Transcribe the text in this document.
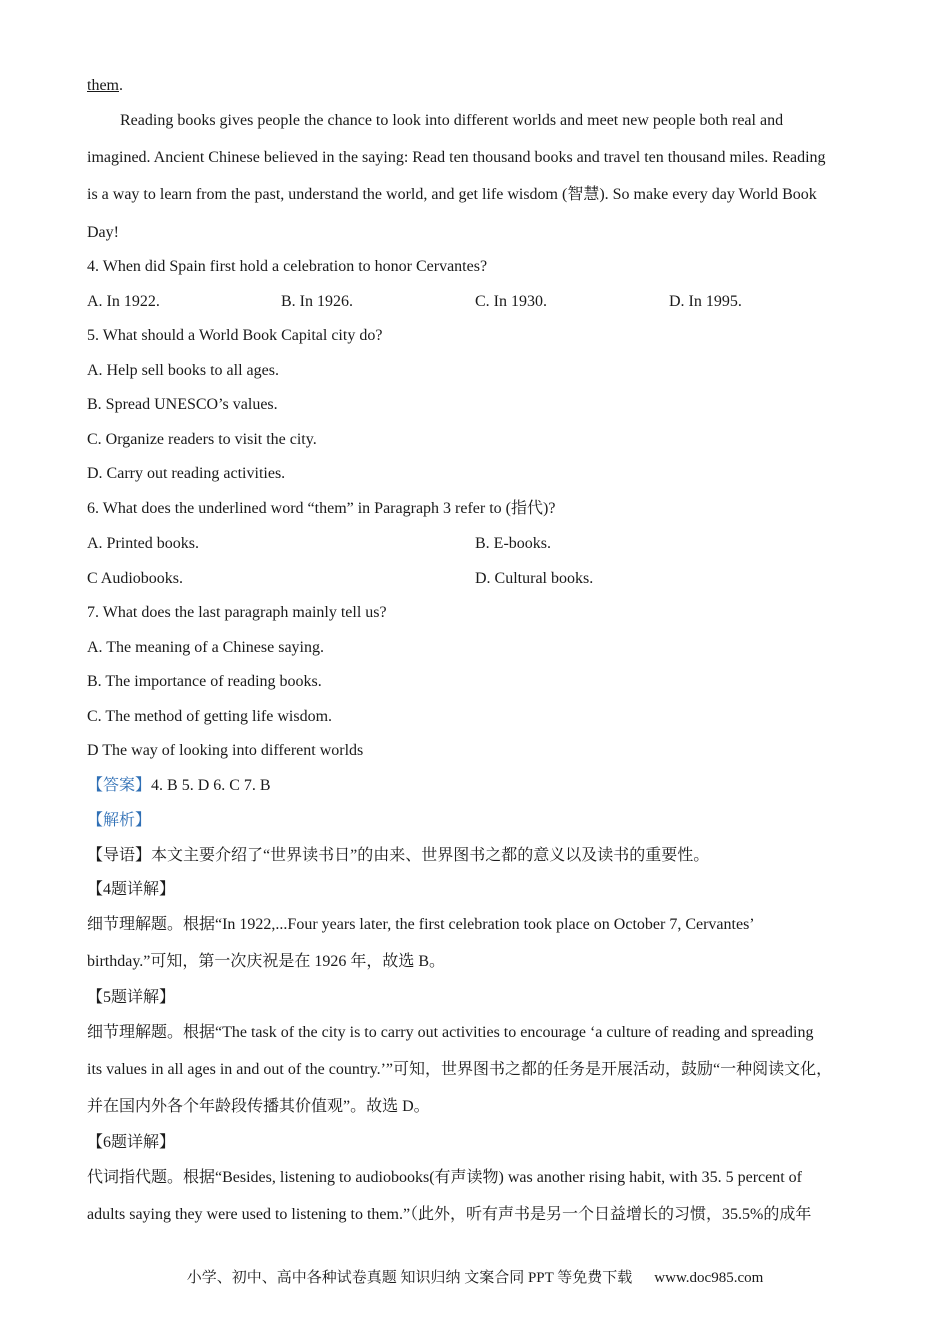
them.
Reading books gives people the chance to look into different worlds and meet new people both real and
imagined. Ancient Chinese believed in the saying: Read ten thousand books and travel ten thousand miles. Reading
is a way to learn from the past, understand the world, and get life wisdom (智慧). So make every day World Book
Day!
4. When did Spain first hold a celebration to honor Cervantes?
A. In 1922.	B. In 1926.	C. In 1930.	D. In 1995.
5. What should a World Book Capital city do?
A. Help sell books to all ages.
B. Spread UNESCO’s values.
C. Organize readers to visit the city.
D. Carry out reading activities.
6. What does the underlined word “them” in Paragraph 3 refer to (指代)?
A. Printed books.	B. E-books.
C Audiobooks.	D. Cultural books.
7. What does the last paragraph mainly tell us?
A. The meaning of a Chinese saying.
B. The importance of reading books.
C. The method of getting life wisdom.
D The way of looking into different worlds
【答案】4. B 5. D 6. C 7. B
【解析】
【导语】本文主要介绍了“世界读书日”的由来、世界图书之都的意义以及读书的重要性。
【4题详解】
细节理解题。根据“In 1922,...Four years later, the first celebration took place on October 7, Cervantes’
birthday.”可知，第一次庆祝是在 1926 年，故选 B。
【5题详解】
细节理解题。根据“The task of the city is to carry out activities to encourage ‘a culture of reading and spreading
its values in all ages in and out of the country.’”可知，世界图书之都的任务是开展活动，鼓励“一种阅读文化，
并在国内外各个年龄段传播其价值观”。故选 D。
【6题详解】
代词指代题。根据“Besides, listening to audiobooks(有声读物) was another rising habit, with 35. 5 percent of
adults saying they were used to listening to them.”（此外，听有声书是另一个日益增长的习惯，35.5%的成年
小学、初中、高中各种试卷真题 知识归纳 文案合同 PPT 等免费下载 www.doc985.com
